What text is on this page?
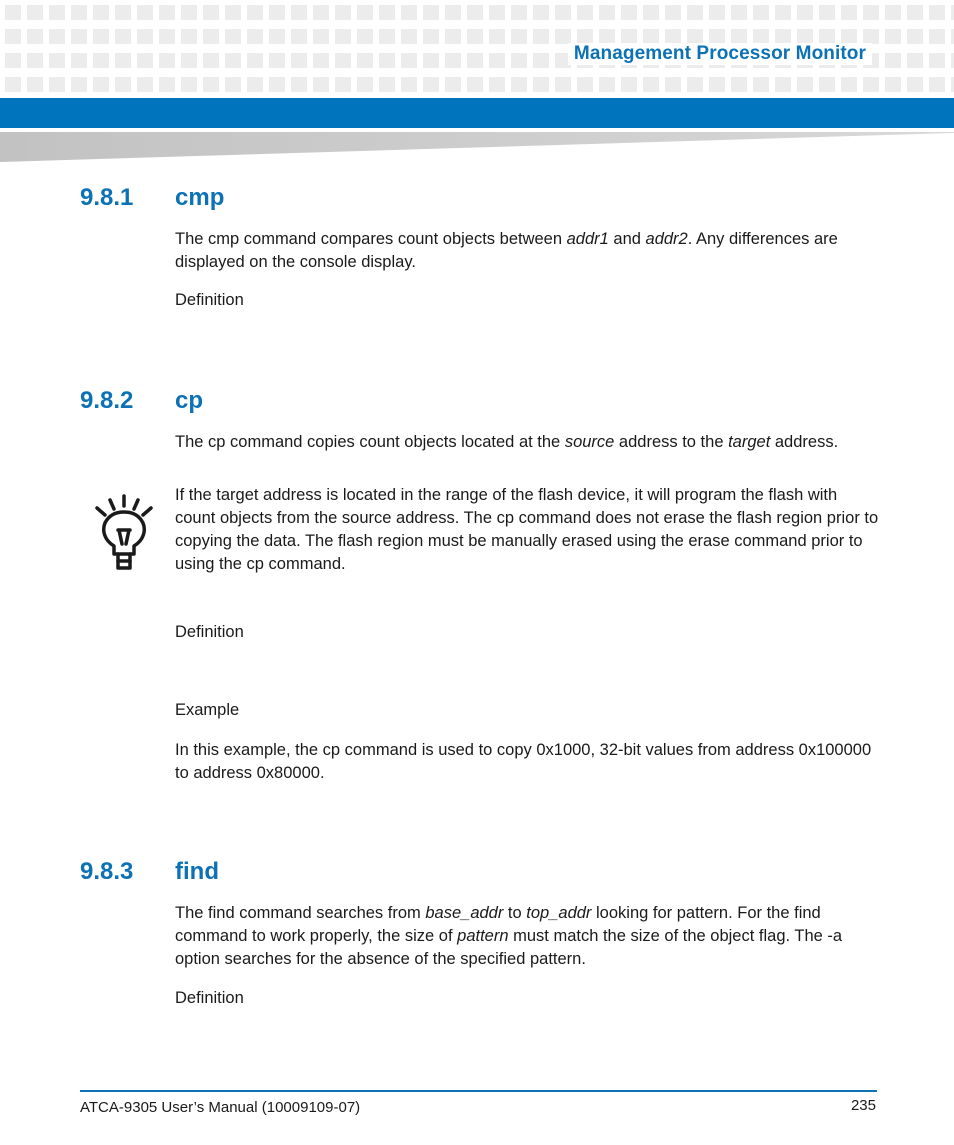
Management Processor Monitor
9.8.1 cmp
The cmp command compares count objects between addr1 and addr2. Any differences are displayed on the console display.
Definition
9.8.2 cp
The cp command copies count objects located at the source address to the target address.
If the target address is located in the range of the flash device, it will program the flash with count objects from the source address. The cp command does not erase the flash region prior to copying the data. The flash region must be manually erased using the erase command prior to using the cp command.
Definition
Example
In this example, the cp command is used to copy 0x1000, 32-bit values from address 0x100000 to address 0x80000.
9.8.3 find
The find command searches from base_addr to top_addr looking for pattern. For the find command to work properly, the size of pattern must match the size of the object flag. The -a option searches for the absence of the specified pattern.
Definition
ATCA-9305 User’s Manual (10009109-07)	235
